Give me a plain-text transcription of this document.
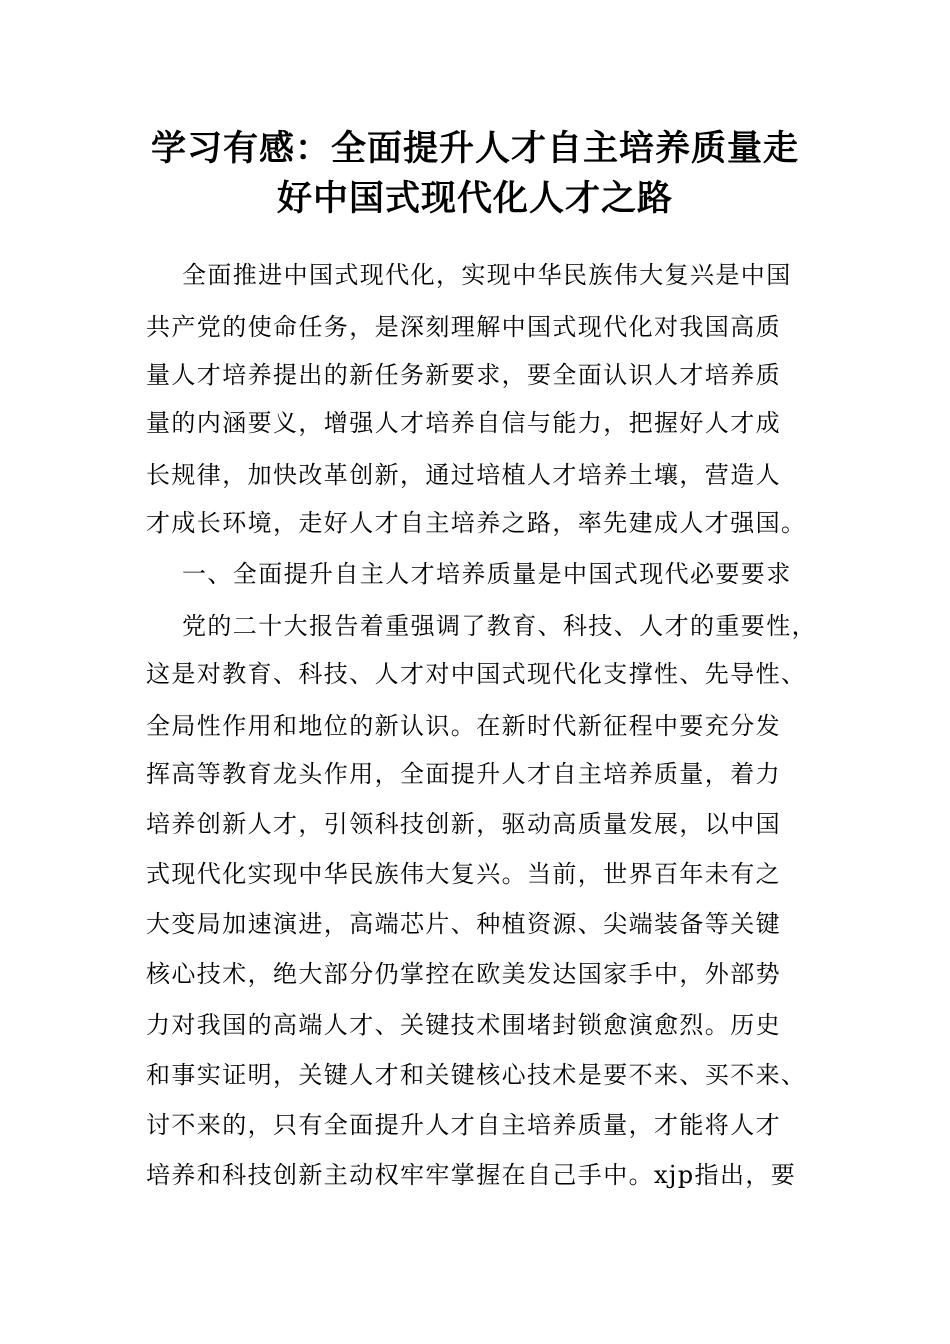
学习有感：全面提升人才自主培养质量走
好中国式现代化人才之路
全面推进中国式现代化，实现中华民族伟大复兴是中国
共产党的使命任务，是深刻理解中国式现代化对我国高质
量人才培养提出的新任务新要求，要全面认识人才培养质
量的内涵要义，增强人才培养自信与能力，把握好人才成
长规律，加快改革创新，通过培植人才培养土壤，营造人
才成长环境，走好人才自主培养之路，率先建成人才强国。
一、全面提升自主人才培养质量是中国式现代必要要求
党的二十大报告着重强调了教育、科技、人才的重要性，
这是对教育、科技、人才对中国式现代化支撑性、先导性、
全局性作用和地位的新认识。在新时代新征程中要充分发
挥高等教育龙头作用，全面提升人才自主培养质量，着力
培养创新人才，引领科技创新，驱动高质量发展，以中国
式现代化实现中华民族伟大复兴。当前，世界百年未有之
大变局加速演进，高端芯片、种植资源、尖端装备等关键
核心技术，绝大部分仍掌控在欧美发达国家手中，外部势
力对我国的高端人才、关键技术围堵封锁愈演愈烈。历史
和事实证明，关键人才和关键核心技术是要不来、买不来、
讨不来的，只有全面提升人才自主培养质量，才能将人才
培养和科技创新主动权牢牢掌握在自己手中。xjp指出，要
